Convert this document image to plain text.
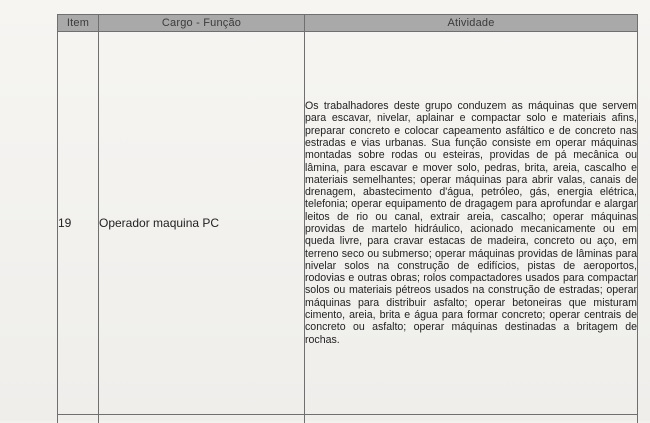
Item	Cargo - Função	Atividade
19	Operador maquina PC	Os trabalhadores deste grupo conduzem as máquinas que servem para escavar, nivelar, aplainar e compactar solo e materiais afins, preparar concreto e colocar capeamento asfáltico e de concreto nas estradas e vias urbanas. Sua função consiste em operar máquinas montadas sobre rodas ou esteiras, providas de pá mecânica ou lâmina, para escavar e mover solo, pedras, brita, areia, cascalho e materiais semelhantes; operar máquinas para abrir valas, canais de drenagem, abastecimento d'água, petróleo, gás, energia elétrica, telefonia; operar equipamento de dragagem para aprofundar e alargar leitos de rio ou canal, extrair areia, cascalho; operar máquinas providas de martelo hidráulico, acionado mecanicamente ou em queda livre, para cravar estacas de madeira, concreto ou aço, em terreno seco ou submerso; operar máquinas providas de lâminas para nivelar solos na construção de edifícios, pistas de aeroportos, rodovias e outras obras; rolos compactadores usados para compactar solos ou materiais pétreos usados na construção de estradas; operar máquinas para distribuir asfalto; operar betoneiras que misturam cimento, areia, brita e água para formar concreto; operar centrais de concreto ou asfalto; operar máquinas destinadas a britagem de rochas.
